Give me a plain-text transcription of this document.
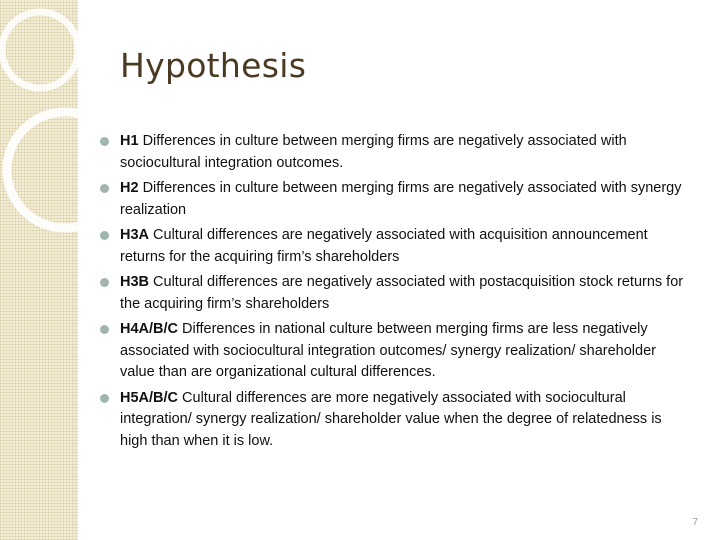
Hypothesis
H1 Differences in culture between merging firms are negatively associated with sociocultural integration outcomes.
H2 Differences in culture between merging firms are negatively associated with synergy realization
H3A Cultural differences are negatively associated with acquisition announcement returns for the acquiring firm’s shareholders
H3B Cultural differences are negatively associated with postacquisition stock returns for the acquiring firm’s shareholders
H4A/B/C Differences in national culture between merging firms are less negatively associated with sociocultural integration outcomes/ synergy realization/ shareholder value than are organizational cultural differences.
H5A/B/C Cultural differences are more negatively associated with sociocultural integration/ synergy realization/ shareholder value when the degree of relatedness is high than when it is low.
7
